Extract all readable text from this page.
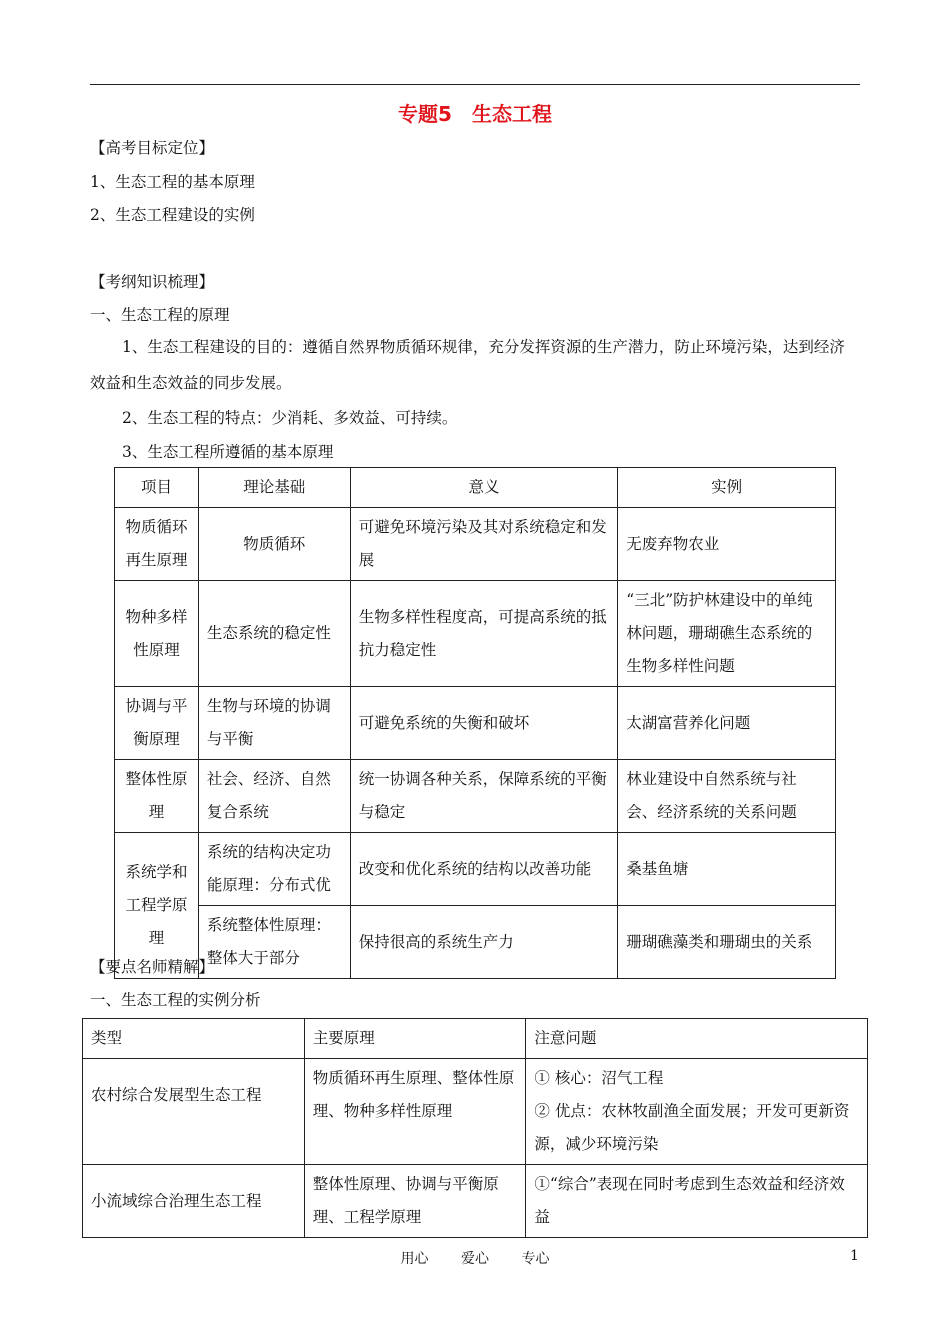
专题5　生态工程
【高考目标定位】
1、生态工程的基本原理
2、生态工程建设的实例
【考纲知识梳理】
一、生态工程的原理
1、生态工程建设的目的：遵循自然界物质循环规律，充分发挥资源的生产潜力，防止环境污染，达到经济效益和生态效益的同步发展。
2、生态工程的特点：少消耗、多效益、可持续。
3、生态工程所遵循的基本原理
项目	理论基础	意义	实例
物质循环再生原理	物质循环	可避免环境污染及其对系统稳定和发展	无废弃物农业
物种多样性原理	生态系统的稳定性	生物多样性程度高，可提高系统的抵抗力稳定性	“三北”防护林建设中的单纯林问题，珊瑚礁生态系统的生物多样性问题
协调与平衡原理	生物与环境的协调与平衡	可避免系统的失衡和破坏	太湖富营养化问题
整体性原理	社会、经济、自然复合系统	统一协调各种关系，保障系统的平衡与稳定	林业建设中自然系统与社会、经济系统的关系问题
系统学和工程学原理	系统的结构决定功能原理：分布式优	改变和优化系统的结构以改善功能	桑基鱼塘
	系统整体性原理：整体大于部分	保持很高的系统生产力	珊瑚礁藻类和珊瑚虫的关系
【要点名师精解】
一、生态工程的实例分析
类型	主要原理	注意问题
农村综合发展型生态工程	物质循环再生原理、整体性原理、物种多样性原理	① 核心：沼气工程
② 优点：农林牧副渔全面发展；开发可更新资源，减少环境污染

小流域综合治理生态工程	整体性原理、协调与平衡原理、工程学原理	①“综合”表现在同时考虑到生态效益和经济效益
用心 爱心 专心	1
